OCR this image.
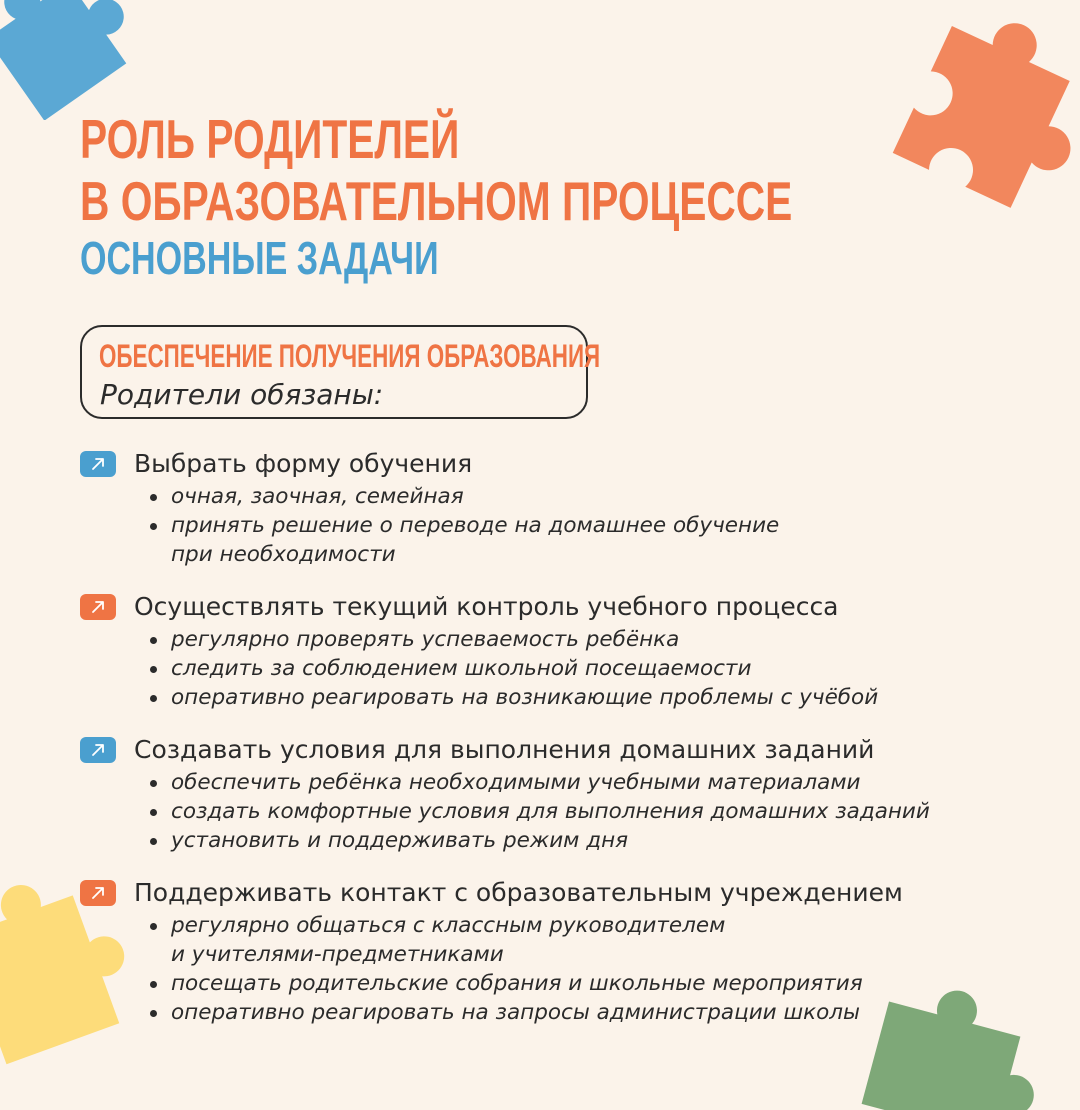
РОЛЬ РОДИТЕЛЕЙ
В ОБРАЗОВАТЕЛЬНОМ ПРОЦЕССЕ
ОСНОВНЫЕ ЗАДАЧИ
ОБЕСПЕЧЕНИЕ ПОЛУЧЕНИЯ ОБРАЗОВАНИЯ
Родители обязаны:
Выбрать форму обучения
очная, заочная, семейная
принять решение о переводе на домашнее обучение
при необходимости
Осуществлять текущий контроль учебного процесса
регулярно проверять успеваемость ребёнка
следить за соблюдением школьной посещаемости
оперативно реагировать на возникающие проблемы с учёбой
Создавать условия для выполнения домашних заданий
обеспечить ребёнка необходимыми учебными материалами
создать комфортные условия для выполнения домашних заданий
установить и поддерживать режим дня
Поддерживать контакт с образовательным учреждением
регулярно общаться с классным руководителем
и учителями-предметниками
посещать родительские собрания и школьные мероприятия
оперативно реагировать на запросы администрации школы
